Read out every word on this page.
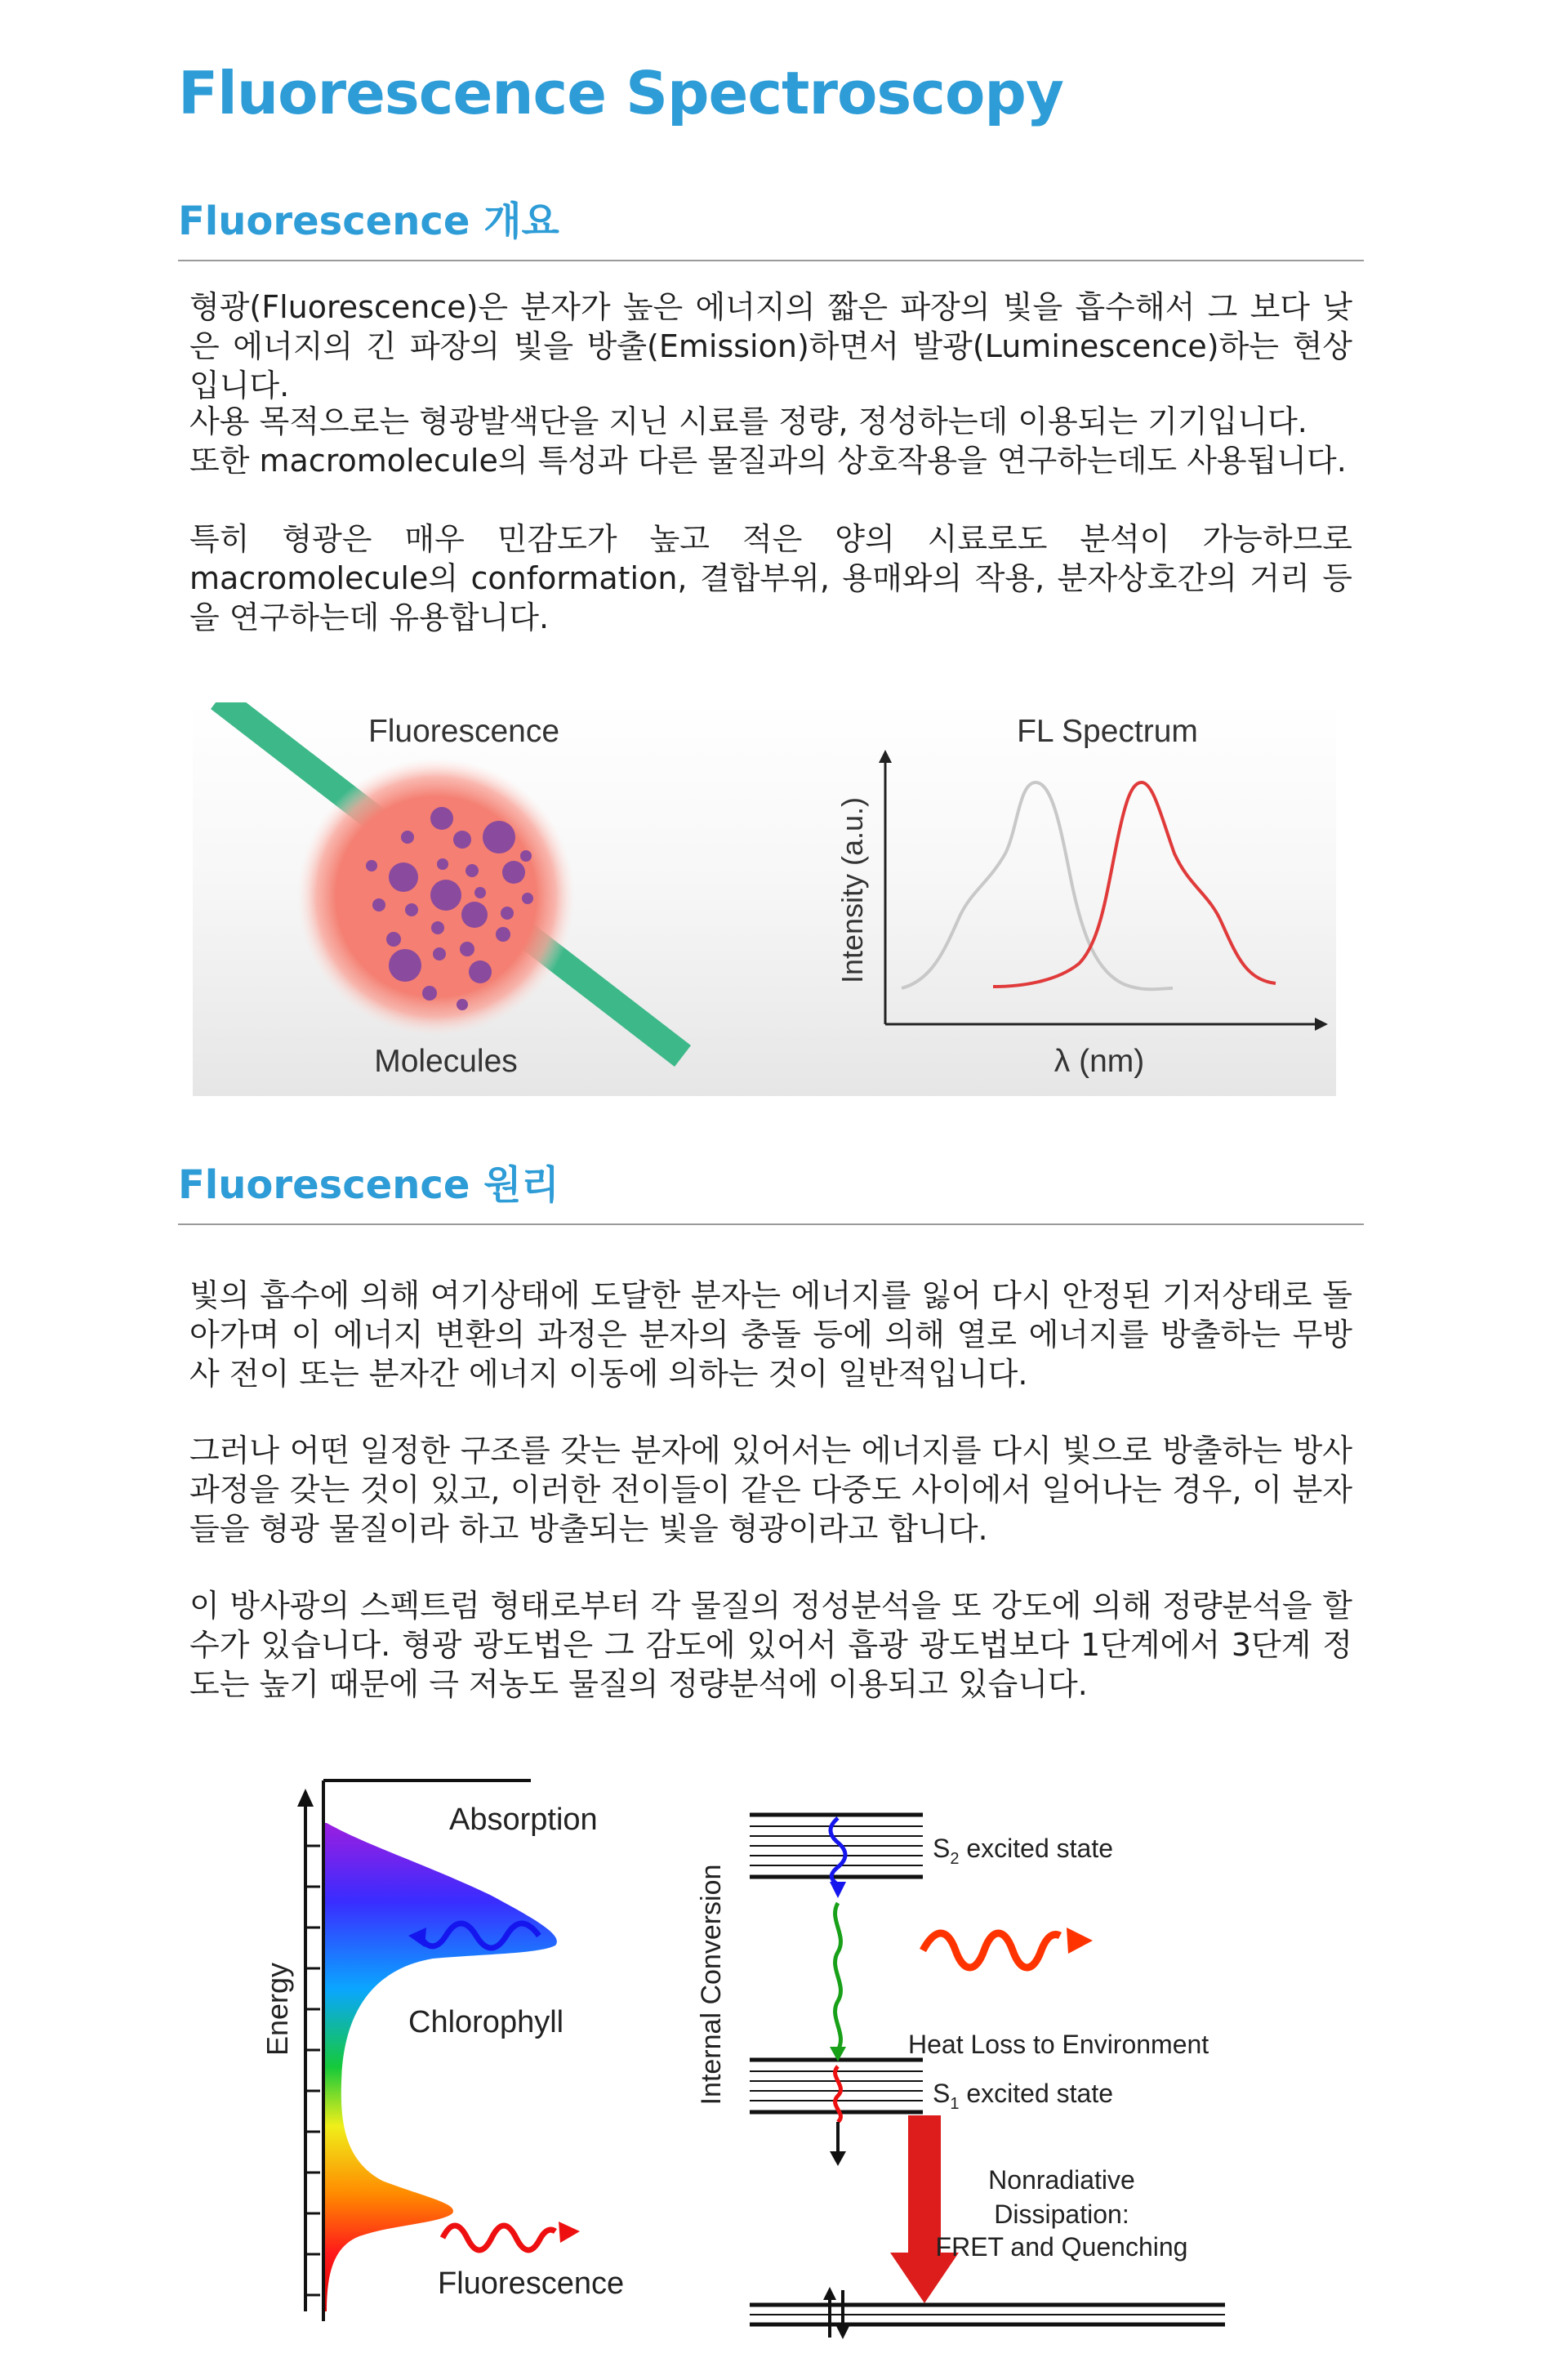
Fluorescence Spectroscopy
Fluorescence 개요

형광(Fluorescence)은 분자가 높은 에너지의 짧은 파장의 빛을 흡수해서 그 보다 낮은 에너지의 긴 파장의 빛을 방출(Emission)하면서 발광(Luminescence)하는 현상 입니다.

사용 목적으로는 형광발색단을 지닌 시료를 정량, 정성하는데 이용되는 기기입니다.

또한 macromolecule의 특성과 다른 물질과의 상호작용을 연구하는데도 사용됩니다.

특히 형광은 매우 민감도가 높고 적은 양의 시료로도 분석이 가능하므로 macromolecule의 conformation, 결합부위, 용매와의 작용, 분자상호간의 거리 등을 연구하는데 유용합니다.

Fluorescence
Molecules
FL Spectrum
Intensity (a.u.)
λ (nm)
Fluorescence 원리

빛의 흡수에 의해 여기상태에 도달한 분자는 에너지를 잃어 다시 안정된 기저상태로 돌아가며 이 에너지 변환의 과정은 분자의 충돌 등에 의해 열로 에너지를 방출하는 무방사 전이 또는 분자간 에너지 이동에 의하는 것이 일반적입니다.

그러나 어떤 일정한 구조를 갖는 분자에 있어서는 에너지를 다시 빛으로 방출하는 방사 과정을 갖는 것이 있고, 이러한 전이들이 같은 다중도 사이에서 일어나는 경우, 이 분자들을 형광 물질이라 하고 방출되는 빛을 형광이라고 합니다.

이 방사광의 스펙트럼 형태로부터 각 물질의 정성분석을 또 강도에 의해 정량분석을 할 수가 있습니다. 형광 광도법은 그 감도에 있어서 흡광 광도법보다 1단계에서 3단계 정도는 높기 때문에 극 저농도 물질의 정량분석에 이용되고 있습니다.

Energy
Absorption
Chlorophyll
Fluorescence
Internal Conversion
$S_2$ excited state
$S_1$ excited state
Heat Loss to Environment
Nonradiative
Dissipation:
FRET and Quenching
